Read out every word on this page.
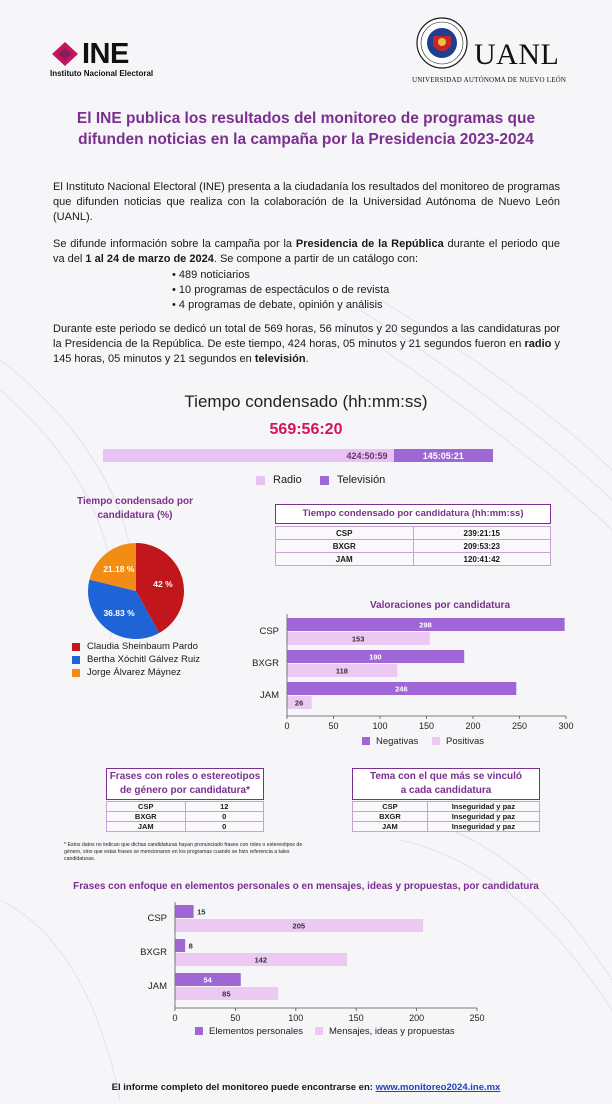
INE
Instituto Nacional Electoral
UANL
UNIVERSIDAD AUTÓNOMA DE NUEVO LEÓN
El INE publica los resultados del monitoreo de programas que
difunden noticias en la campaña por la Presidencia 2023-2024
El Instituto Nacional Electoral (INE) presenta a la ciudadanía los resultados del monitoreo de programas que difunden noticias que realiza con la colaboración de la Universidad Autónoma de Nuevo León (UANL).
Se difunde información sobre la campaña por la Presidencia de la República durante el periodo que va del 1 al 24 de marzo de 2024. Se compone a partir de un catálogo con:
• 489 noticiarios
• 10 programas de espectáculos o de revista
• 4 programas de debate, opinión y análisis
Durante este periodo se dedicó un total de 569 horas, 56 minutos y 20 segundos a las candidaturas por la Presidencia de la República. De este tiempo, 424 horas, 05 minutos y 21 segundos fueron en radio y 145 horas, 05 minutos y 21 segundos en televisión.
Tiempo condensado (hh:mm:ss)
569:56:20
424:50:59	145:05:21
Radio	Televisión
Tiempo condensado por
candidatura (%)
42 %
36.83 %
21.18 %
Claudia Sheinbaum Pardo
Bertha Xóchitl Gálvez Ruiz
Jorge Álvarez Máynez
Tiempo condensado por candidatura (hh:mm:ss)
CSP	239:21:15
BXGR	209:53:23
JAM	120:41:42
Valoraciones por candidatura
0	50	100	150	200	250	300
CSP
298
153
BXGR
190
118
JAM
246
26
Negativas	Positivas
Frases con roles o estereotipos
de género por candidatura*
CSP	12
BXGR	0
JAM	0
Tema con el que más se vinculó
a cada candidatura
CSP	Inseguridad y paz
BXGR	Inseguridad y paz
JAM	Inseguridad y paz
* Estos datos no indican que dichas candidaturas hayan pronunciado frases con roles o estereotipos de género, sino que estas frases se mencionaron en los programas cuando se hizo referencia a tales candidaturas.
Frases con enfoque en elementos personales o en mensajes, ideas y propuestas, por candidatura
0	50	100	150	200	250
CSP
15
205
BXGR
8
142
JAM
54
85
Elementos personales	Mensajes, ideas y propuestas
El informe completo del monitoreo puede encontrarse en: www.monitoreo2024.ine.mx
